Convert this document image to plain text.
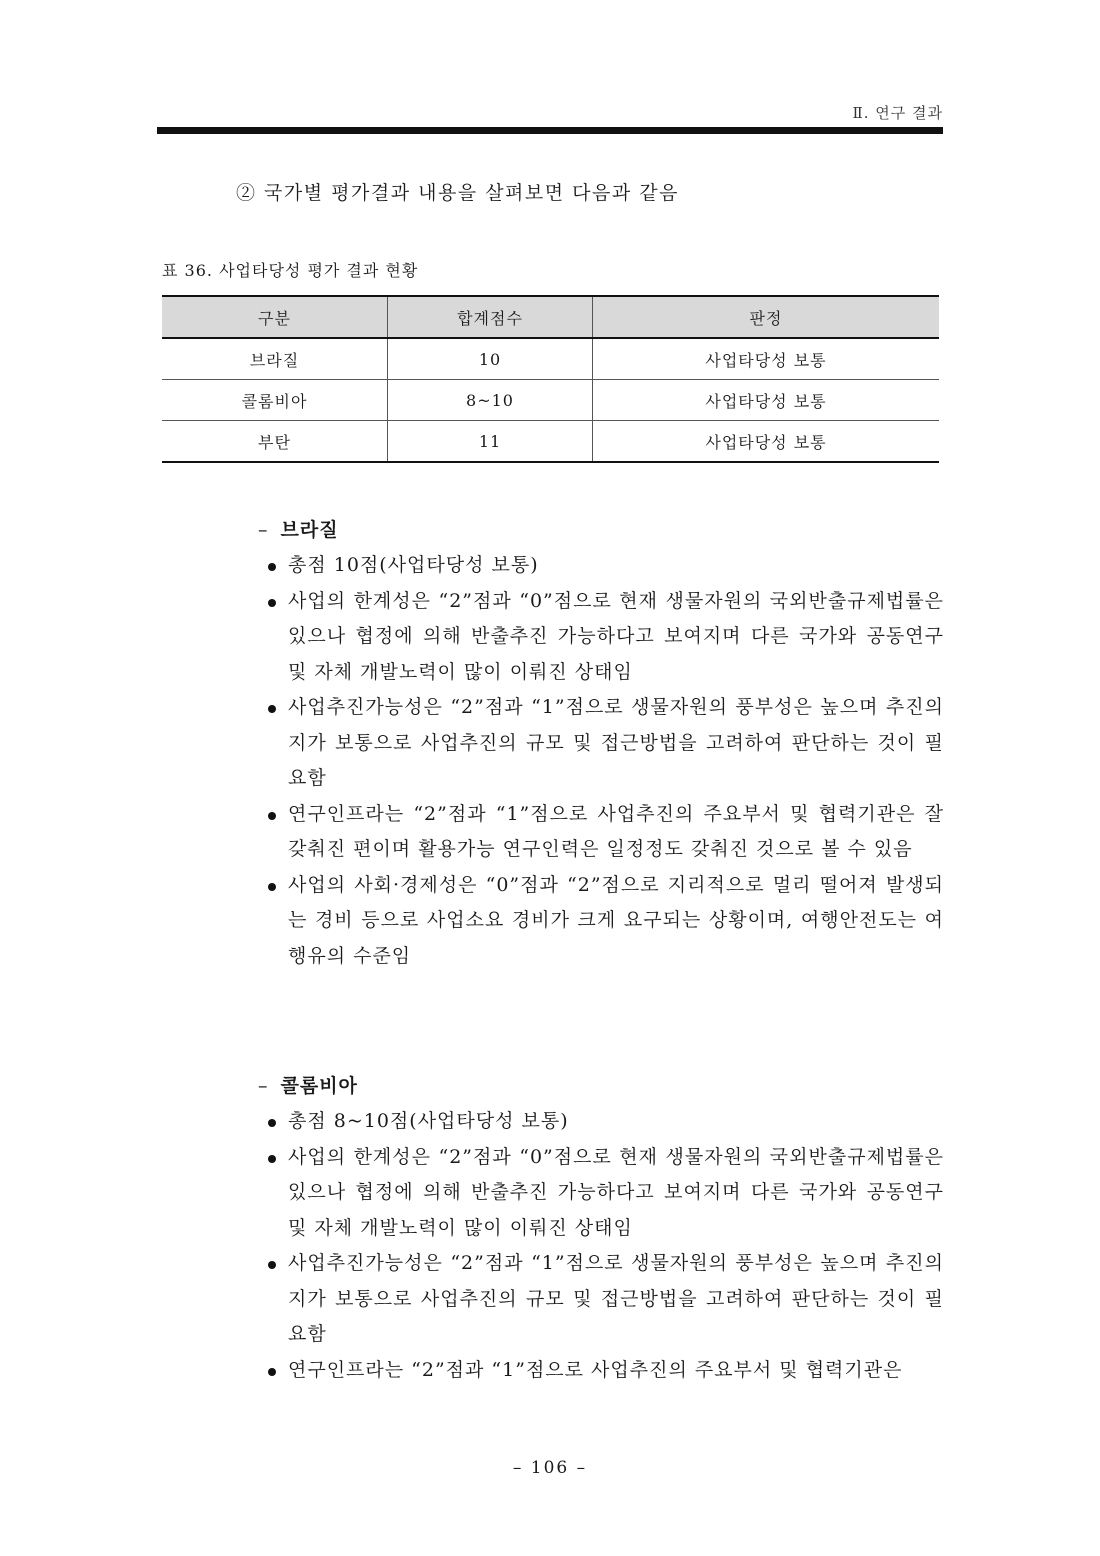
Ⅱ. 연구 결과
② 국가별 평가결과 내용을 살펴보면 다음과 같음
표 36. 사업타당성 평가 결과 현황
구분	합계점수	판정
브라질	10	사업타당성 보통
콜롬비아	8~10	사업타당성 보통
부탄	11	사업타당성 보통
– 브라질
총점 10점(사업타당성 보통)
사업의 한계성은 “2”점과 “0”점으로 현재 생물자원의 국외반출규제법률은 있으나 협정에 의해 반출추진 가능하다고 보여지며 다른 국가와 공동연구 및 자체 개발노력이 많이 이뤄진 상태임
사업추진가능성은 “2”점과 “1”점으로 생물자원의 풍부성은 높으며 추진의지가 보통으로 사업추진의 규모 및 접근방법을 고려하여 판단하는 것이 필요함
연구인프라는 “2”점과 “1”점으로 사업추진의 주요부서 및 협력기관은 잘 갖춰진 편이며 활용가능 연구인력은 일정정도 갖춰진 것으로 볼 수 있음
사업의 사회·경제성은 “0”점과 “2”점으로 지리적으로 멀리 떨어져 발생되는 경비 등으로 사업소요 경비가 크게 요구되는 상황이며, 여행안전도는 여행유의 수준임
– 콜롬비아
총점 8~10점(사업타당성 보통)
사업의 한계성은 “2”점과 “0”점으로 현재 생물자원의 국외반출규제법률은 있으나 협정에 의해 반출추진 가능하다고 보여지며 다른 국가와 공동연구 및 자체 개발노력이 많이 이뤄진 상태임
사업추진가능성은 “2”점과 “1”점으로 생물자원의 풍부성은 높으며 추진의지가 보통으로 사업추진의 규모 및 접근방법을 고려하여 판단하는 것이 필요함
연구인프라는 “2”점과 “1”점으로 사업추진의 주요부서 및 협력기관은
– 106 –
